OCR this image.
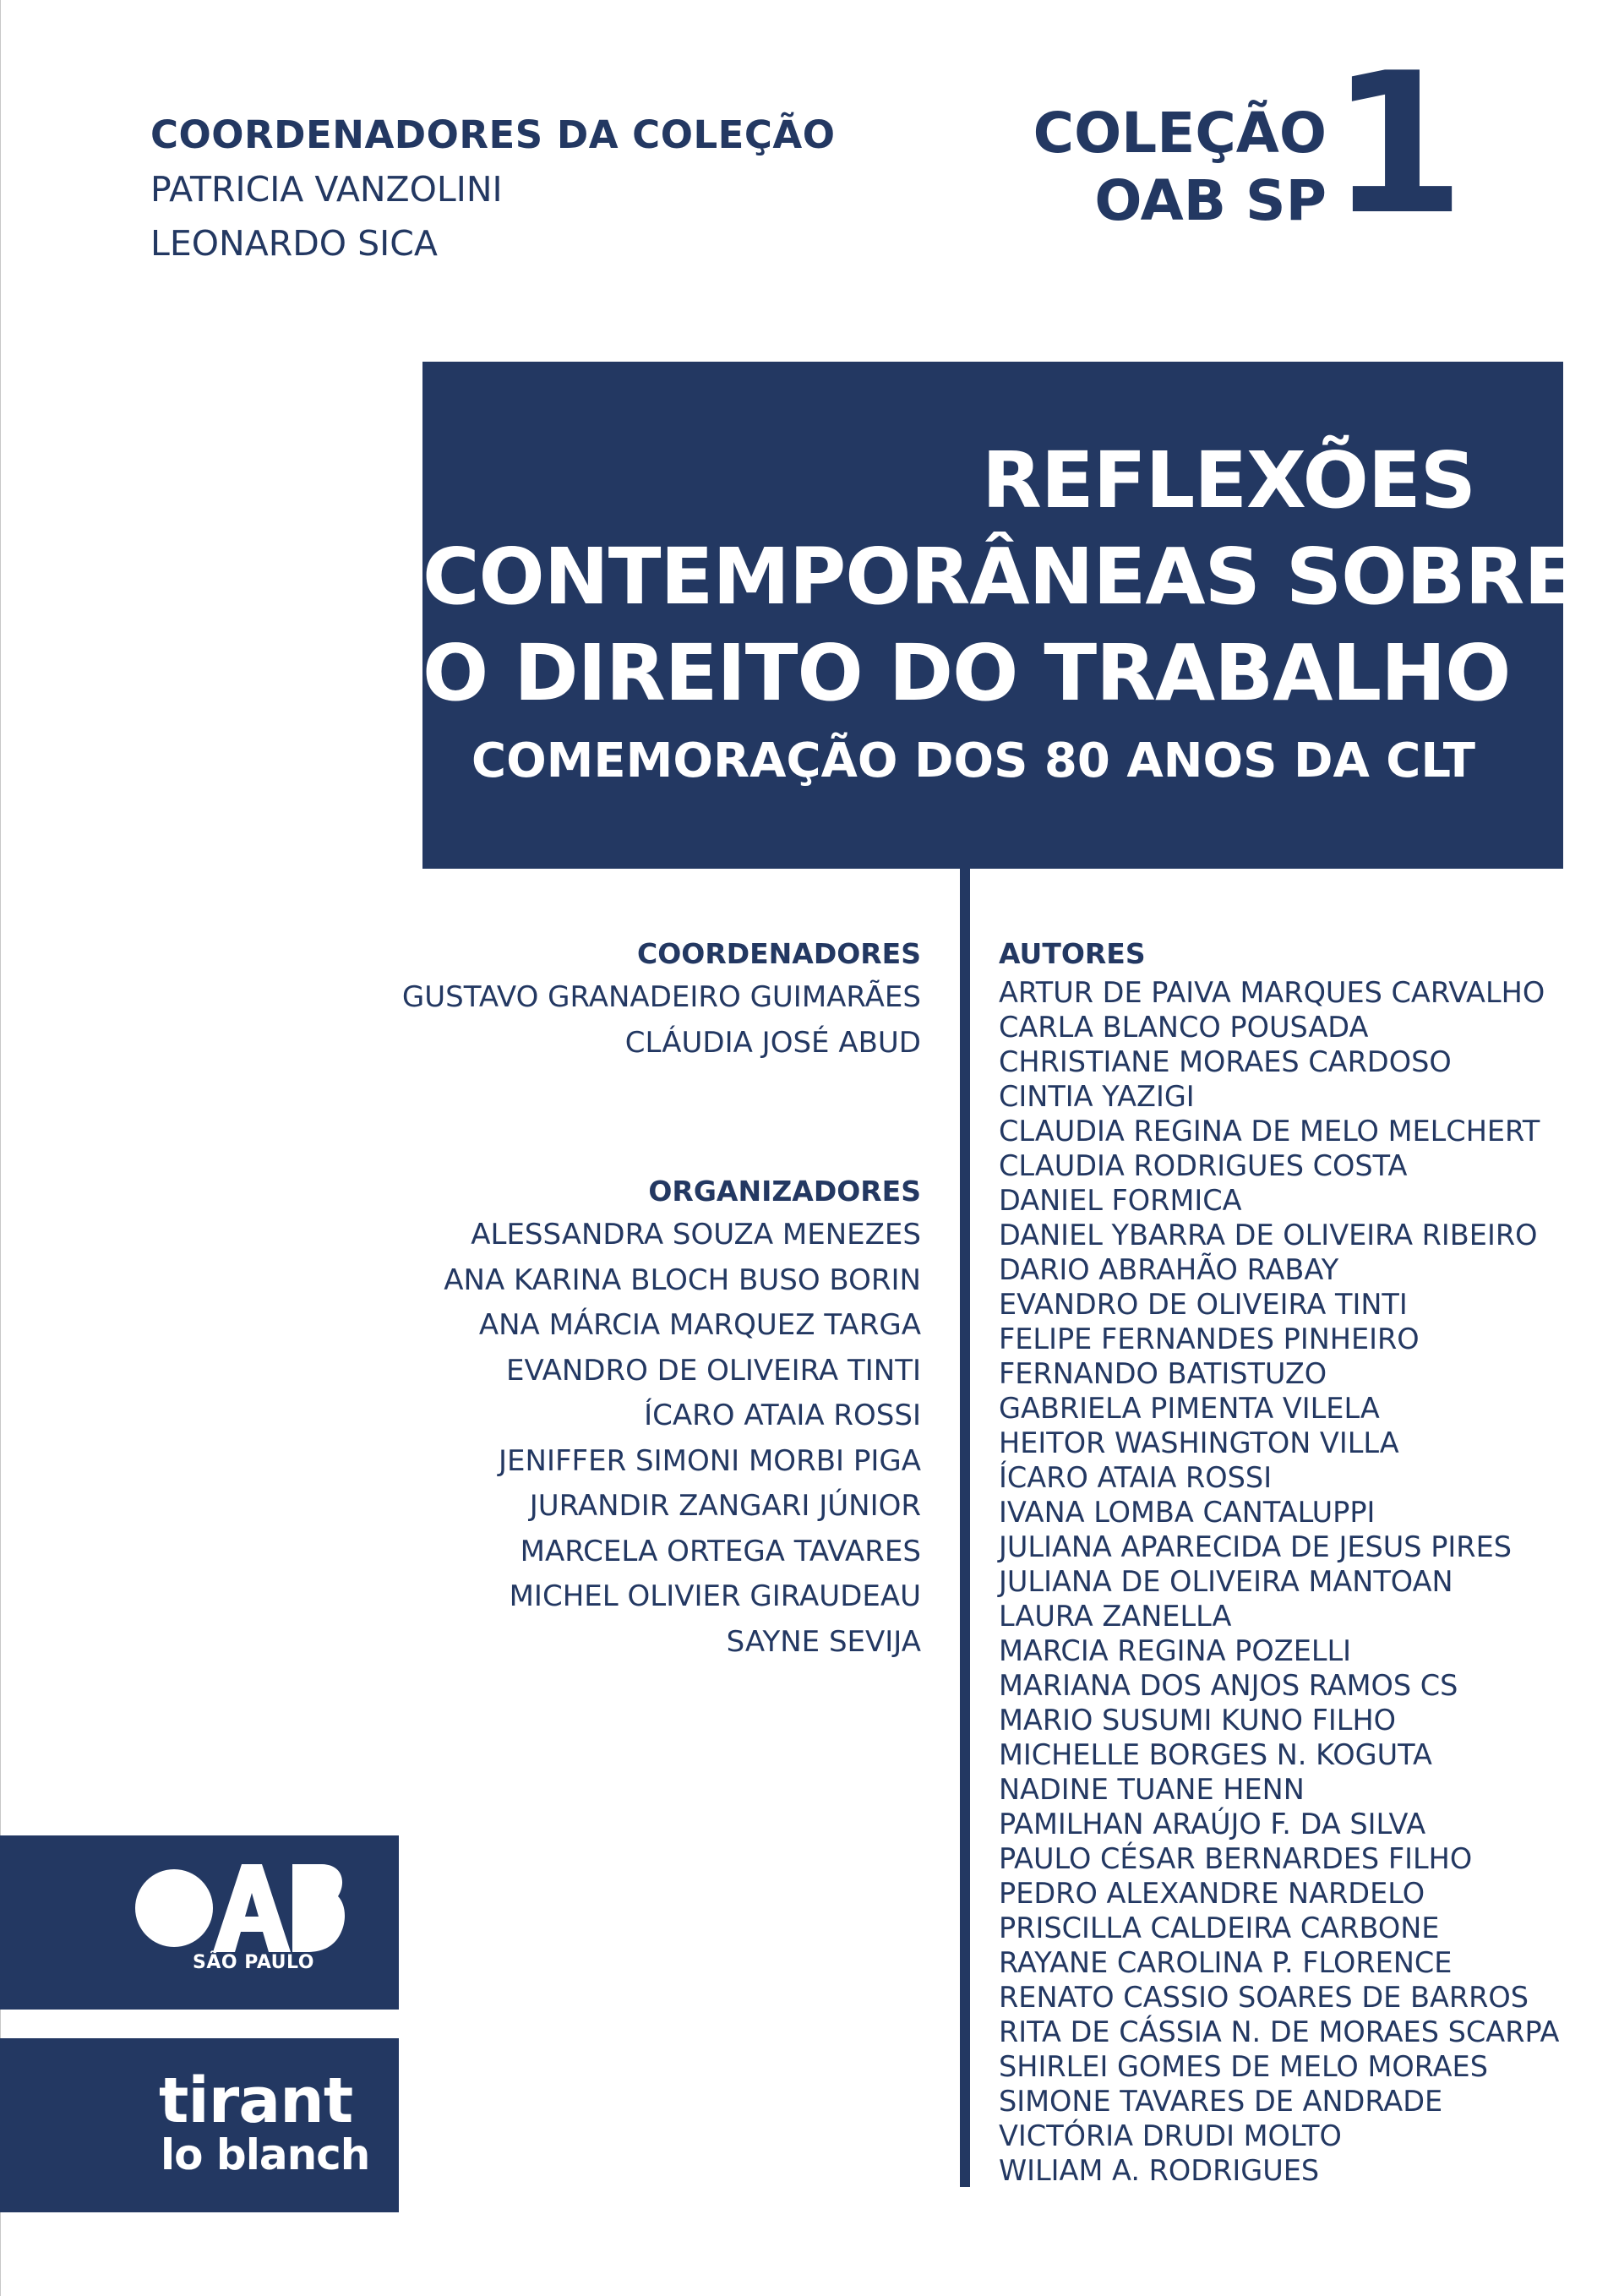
COORDENADORES DA COLEÇÃO
PATRICIA VANZOLINI
LEONARDO SICA
COLEÇÃO
OAB SP 1
REFLEXÕES
CONTEMPORÂNEAS SOBRE
O DIREITO DO TRABALHO
COMEMORAÇÃO DOS 80 ANOS DA CLT
COORDENADORES
GUSTAVO GRANADEIRO GUIMARÃES
CLÁUDIA JOSÉ ABUD
ORGANIZADORES
ALESSANDRA SOUZA MENEZES
ANA KARINA BLOCH BUSO BORIN
ANA MÁRCIA MARQUEZ TARGA
EVANDRO DE OLIVEIRA TINTI
ÍCARO ATAIA ROSSI
JENIFFER SIMONI MORBI PIGA
JURANDIR ZANGARI JÚNIOR
MARCELA ORTEGA TAVARES
MICHEL OLIVIER GIRAUDEAU
SAYNE SEVIJA
AUTORES
ARTUR DE PAIVA MARQUES CARVALHO
CARLA BLANCO POUSADA
CHRISTIANE MORAES CARDOSO
CINTIA YAZIGI
CLAUDIA REGINA DE MELO MELCHERT
CLAUDIA RODRIGUES COSTA
DANIEL FORMICA
DANIEL YBARRA DE OLIVEIRA RIBEIRO
DARIO ABRAHÃO RABAY
EVANDRO DE OLIVEIRA TINTI
FELIPE FERNANDES PINHEIRO
FERNANDO BATISTUZO
GABRIELA PIMENTA VILELA
HEITOR WASHINGTON VILLA
ÍCARO ATAIA ROSSI
IVANA LOMBA CANTALUPPI
JULIANA APARECIDA DE JESUS PIRES
JULIANA DE OLIVEIRA MANTOAN
LAURA ZANELLA
MARCIA REGINA POZELLI
MARIANA DOS ANJOS RAMOS CS
MARIO SUSUMI KUNO FILHO
MICHELLE BORGES N. KOGUTA
NADINE TUANE HENN
PAMILHAN ARAÚJO F. DA SILVA
PAULO CÉSAR BERNARDES FILHO
PEDRO ALEXANDRE NARDELO
PRISCILLA CALDEIRA CARBONE
RAYANE CAROLINA P. FLORENCE
RENATO CASSIO SOARES DE BARROS
RITA DE CÁSSIA N. DE MORAES SCARPA
SHIRLEI GOMES DE MELO MORAES
SIMONE TAVARES DE ANDRADE
VICTÓRIA DRUDI MOLTO
WILIAM A. RODRIGUES
SÃO PAULO
tirant
lo blanch
